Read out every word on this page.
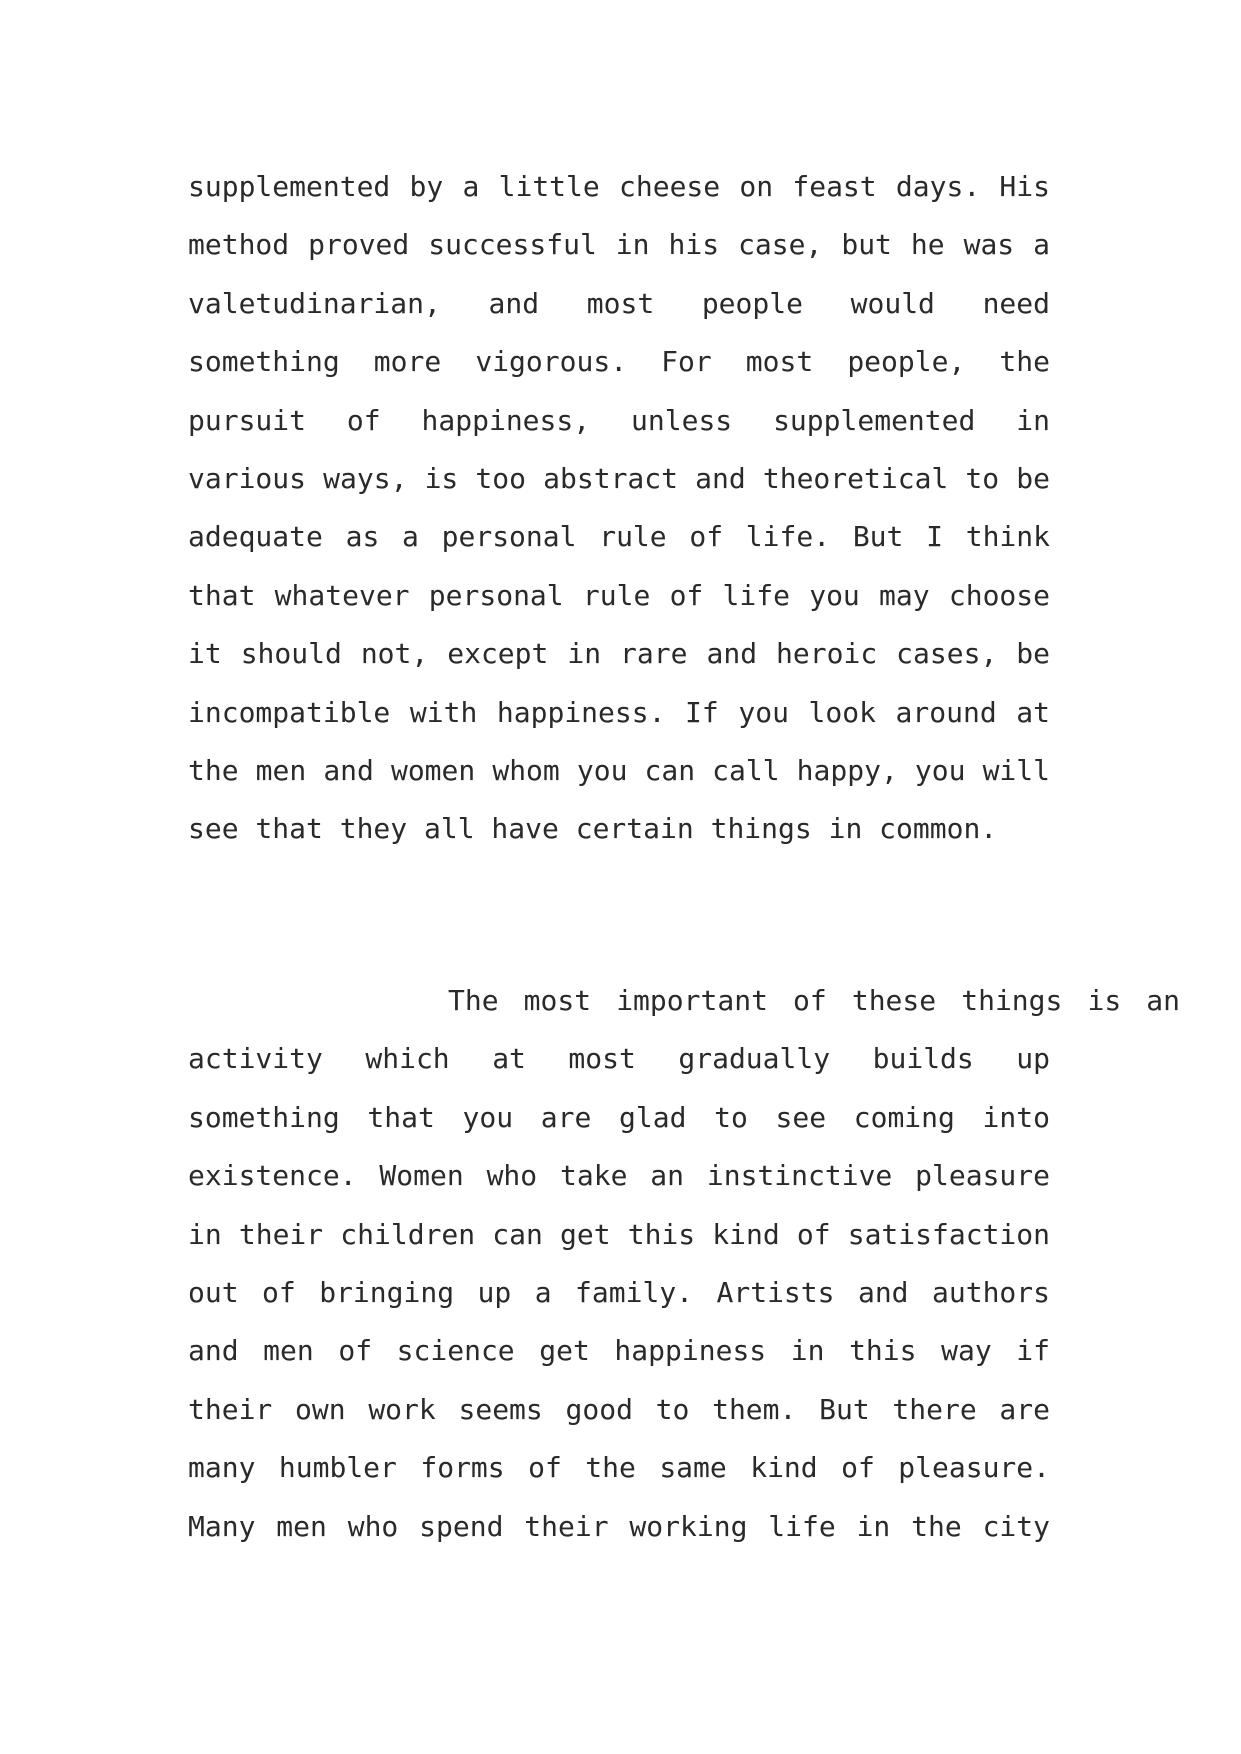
supplemented by a little cheese on feast days. His
method proved successful in his case, but he was a
valetudinarian, and most people would need
something more vigorous. For most people, the
pursuit of happiness, unless supplemented in
various ways, is too abstract and theoretical to be
adequate as a personal rule of life. But I think
that whatever personal rule of life you may choose
it should not, except in rare and heroic cases, be
incompatible with happiness. If you look around at
the men and women whom you can call happy, you will
see that they all have certain things in common.
The most important of these things is an
activity which at most gradually builds up
something that you are glad to see coming into
existence. Women who take an instinctive pleasure
in their children can get this kind of satisfaction
out of bringing up a family. Artists and authors
and men of science get happiness in this way if
their own work seems good to them. But there are
many humbler forms of the same kind of pleasure.
Many men who spend their working life in the city
